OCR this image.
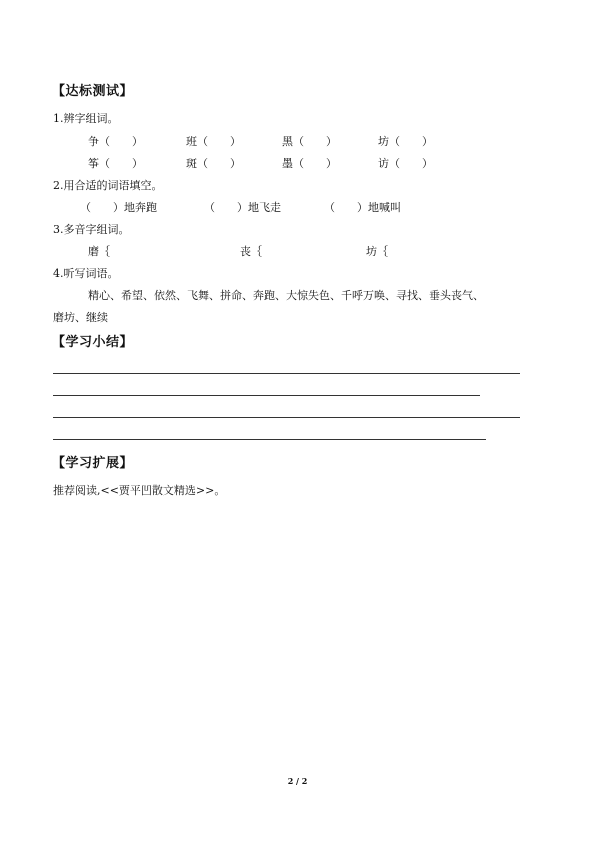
【达标测试】
1.辨字组词。
争（　　）	班（　　）	黑（　　）	坊（　　）
筝（　　）	斑（　　）	墨（　　）	访（　　）
2.用合适的词语填空。
（　　）地奔跑	（　　）地飞走	（　　）地喊叫
3.多音字组词。
磨｛	丧｛	坊｛
4.听写词语。
精心、希望、依然、飞舞、拼命、奔跑、大惊失色、千呼万唤、寻找、垂头丧气、
磨坊、继续
【学习小结】
【学习扩展】
推荐阅读,<<贾平凹散文精选>>。
2 / 2
